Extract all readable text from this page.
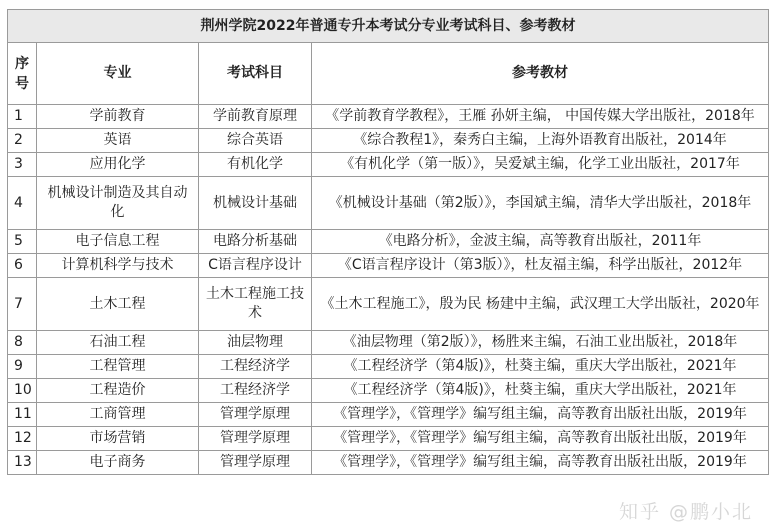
荆州学院2022年普通专升本考试分专业考试科目、参考教材			
序号	专业	考试科目	参考教材
1	学前教育	学前教育原理	《学前教育学教程》，王雁 孙妍主编， 中国传媒大学出版社，2018年
2	英语	综合英语	《综合教程1》，秦秀白主编，上海外语教育出版社，2014年
3	应用化学	有机化学	《有机化学（第一版）》，吴爱斌主编，化学工业出版社，2017年
4	机械设计制造及其自动化	机械设计基础	《机械设计基础（第2版）》，李国斌主编，清华大学出版社，2018年
5	电子信息工程	电路分析基础	《电路分析》，金波主编，高等教育出版社，2011年
6	计算机科学与技术	C语言程序设计	《C语言程序设计（第3版）》，杜友福主编，科学出版社，2012年
7	土木工程	土木工程施工技术	《土木工程施工》，殷为民 杨建中主编，武汉理工大学出版社，2020年
8	石油工程	油层物理	《油层物理（第2版）》，杨胜来主编，石油工业出版社，2018年
9	工程管理	工程经济学	《工程经济学（第4版)》，杜葵主编，重庆大学出版社，2021年
10	工程造价	工程经济学	《工程经济学（第4版)》，杜葵主编，重庆大学出版社，2021年
11	工商管理	管理学原理	《管理学》，《管理学》编写组主编，高等教育出版社出版，2019年
12	市场营销	管理学原理	《管理学》，《管理学》编写组主编，高等教育出版社出版，2019年
13	电子商务	管理学原理	《管理学》，《管理学》编写组主编，高等教育出版社出版，2019年
知乎 @鹏小北
